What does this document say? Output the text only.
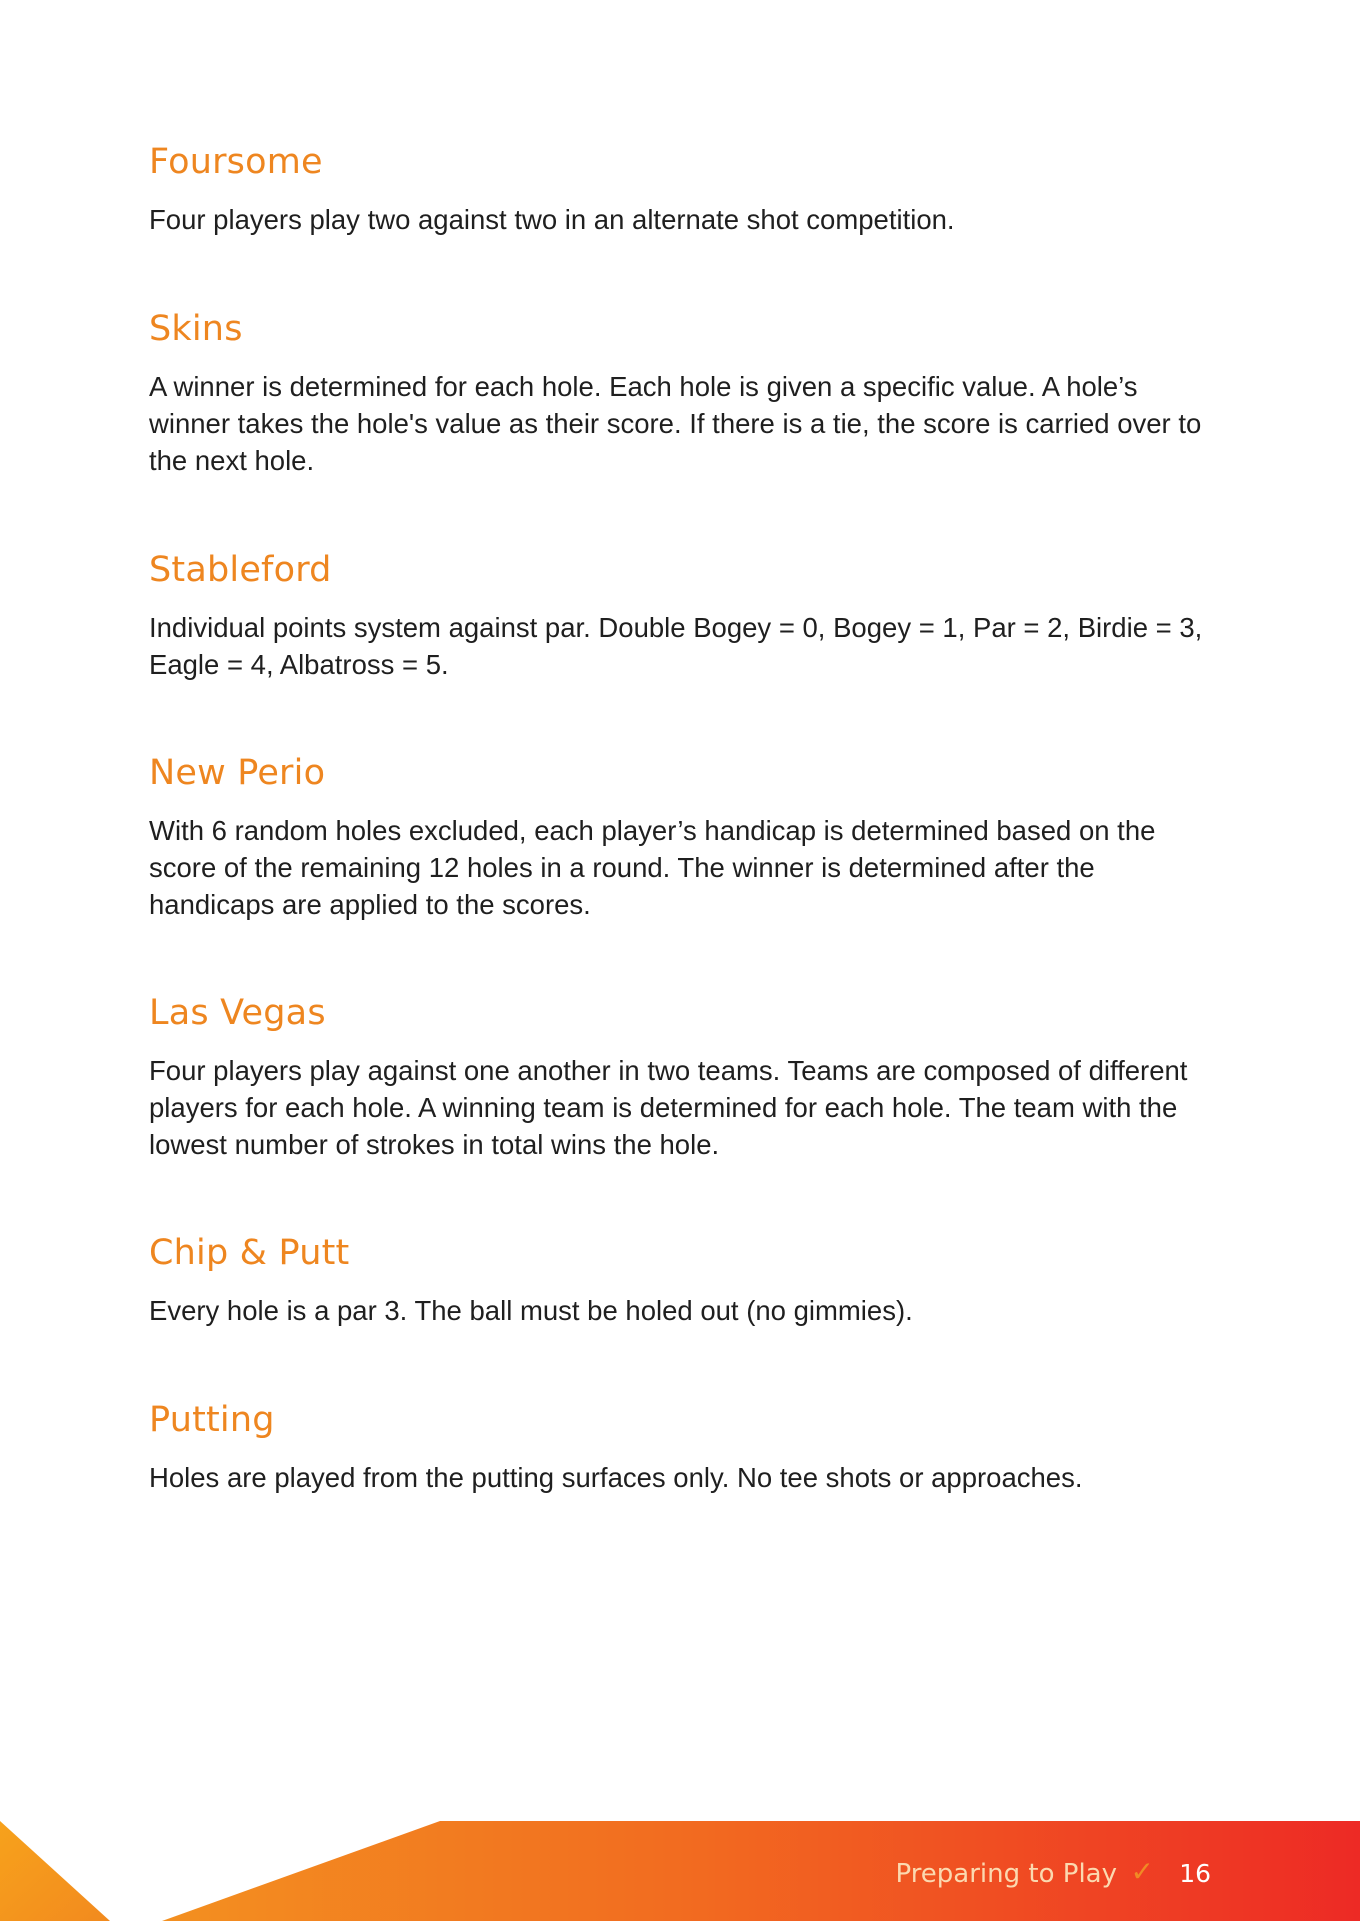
Foursome

Four players play two against two in an alternate shot competition.

Skins

A winner is determined for each hole. Each hole is given a specific value. A hole’s winner takes the hole's value as their score. If there is a tie, the score is carried over to the next hole.

Stableford

Individual points system against par. Double Bogey = 0, Bogey = 1, Par = 2, Birdie = 3, Eagle = 4, Albatross = 5.

New Perio

With 6 random holes excluded, each player’s handicap is determined based on the score of the remaining 12 holes in a round. The winner is determined after the handicaps are applied to the scores.

Las Vegas

Four players play against one another in two teams. Teams are composed of different players for each hole. A winning team is determined for each hole. The team with the lowest number of strokes in total wins the hole.

Chip & Putt

Every hole is a par 3. The ball must be holed out (no gimmies).

Putting

Holes are played from the putting surfaces only. No tee shots or approaches.

Preparing to Play ✓ 16
